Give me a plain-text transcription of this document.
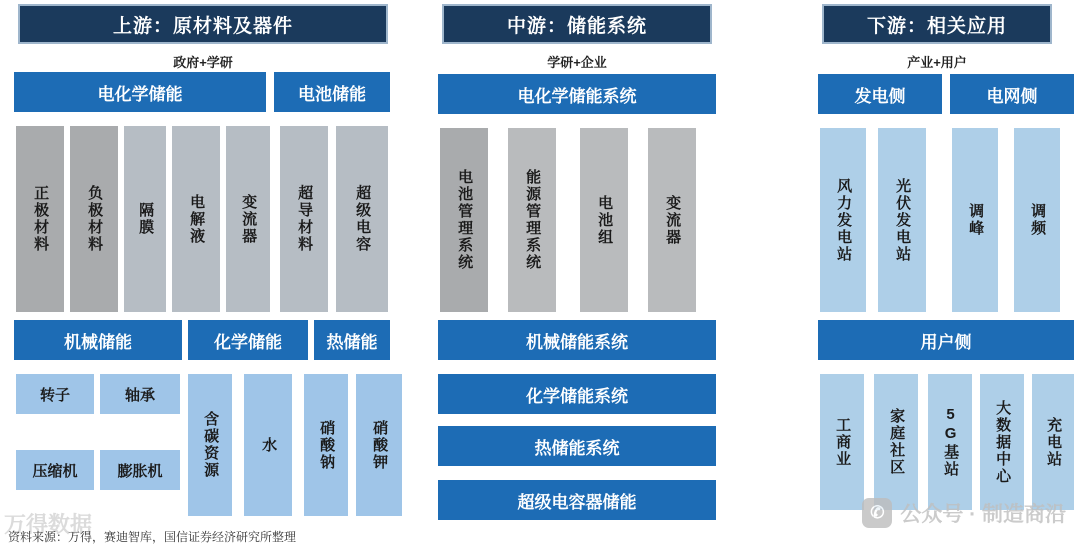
上游：原材料及器件
政府+学研
电化学储能	电池储能
正极材料	负极材料	隔膜	电解液	变流器	超导材料	超级电容
机械储能	化学储能	热储能
转子	轴承
压缩机	膨胀机	含碳资源	水	硝酸钠	硝酸钾
中游：储能系统
学研+企业
电化学储能系统
电池管理系统	能源管理系统	电池组	变流器
机械储能系统
化学储能系统
热储能系统
超级电容器储能
下游：相关应用
产业+用户
发电侧	电网侧
风力发电站	光伏发电站	调峰	调频
用户侧
工商业	家庭社区	5G基站	大数据中心	充电站
万得数据
资料来源：万得，赛迪智库，国信证券经济研究所整理
✆ 公众号 · 制造商沿
